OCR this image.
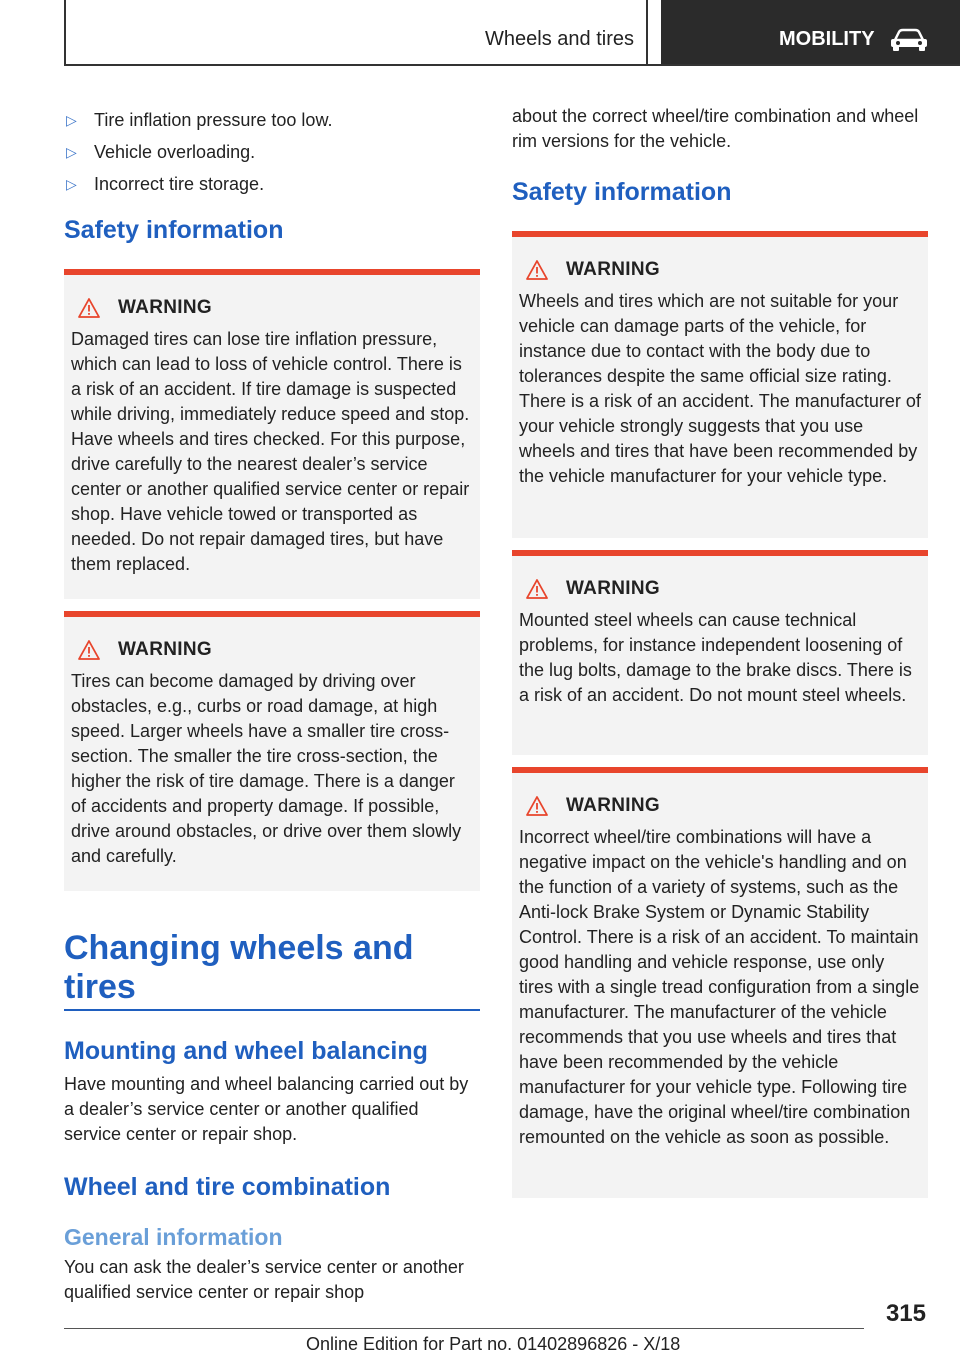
Wheels and tires	MOBILITY
▷ Tire inflation pressure too low.
▷ Vehicle overloading.
▷ Incorrect tire storage.
Safety information
WARNING
Damaged tires can lose tire inflation pressure, which can lead to loss of vehicle control. There is a risk of an accident. If tire damage is suspected while driving, immediately reduce speed and stop. Have wheels and tires checked. For this purpose, drive carefully to the nearest dealer’s service center or another qualified service center or repair shop. Have vehicle towed or transported as needed. Do not repair damaged tires, but have them replaced.
WARNING
Tires can become damaged by driving over obstacles, e.g., curbs or road damage, at high speed. Larger wheels have a smaller tire cross-section. The smaller the tire cross-section, the higher the risk of tire damage. There is a danger of accidents and property damage. If possible, drive around obstacles, or drive over them slowly and carefully.
Changing wheels and tires
Mounting and wheel balancing
Have mounting and wheel balancing carried out by a dealer’s service center or another qualified service center or repair shop.
Wheel and tire combination
General information
You can ask the dealer’s service center or another qualified service center or repair shop
about the correct wheel/tire combination and wheel rim versions for the vehicle.
Safety information
WARNING
Wheels and tires which are not suitable for your vehicle can damage parts of the vehicle, for instance due to contact with the body due to tolerances despite the same official size rating. There is a risk of an accident. The manufacturer of your vehicle strongly suggests that you use wheels and tires that have been recommended by the vehicle manufacturer for your vehicle type.
WARNING
Mounted steel wheels can cause technical problems, for instance independent loosening of the lug bolts, damage to the brake discs. There is a risk of an accident. Do not mount steel wheels.
WARNING
Incorrect wheel/tire combinations will have a negative impact on the vehicle's handling and on the function of a variety of systems, such as the Anti-lock Brake System or Dynamic Stability Control. There is a risk of an accident. To maintain good handling and vehicle response, use only tires with a single tread configuration from a single manufacturer. The manufacturer of the vehicle recommends that you use wheels and tires that have been recommended by the vehicle manufacturer for your vehicle type. Following tire damage, have the original wheel/tire combination remounted on the vehicle as soon as possible.
315
Online Edition for Part no. 01402896826 - X/18
